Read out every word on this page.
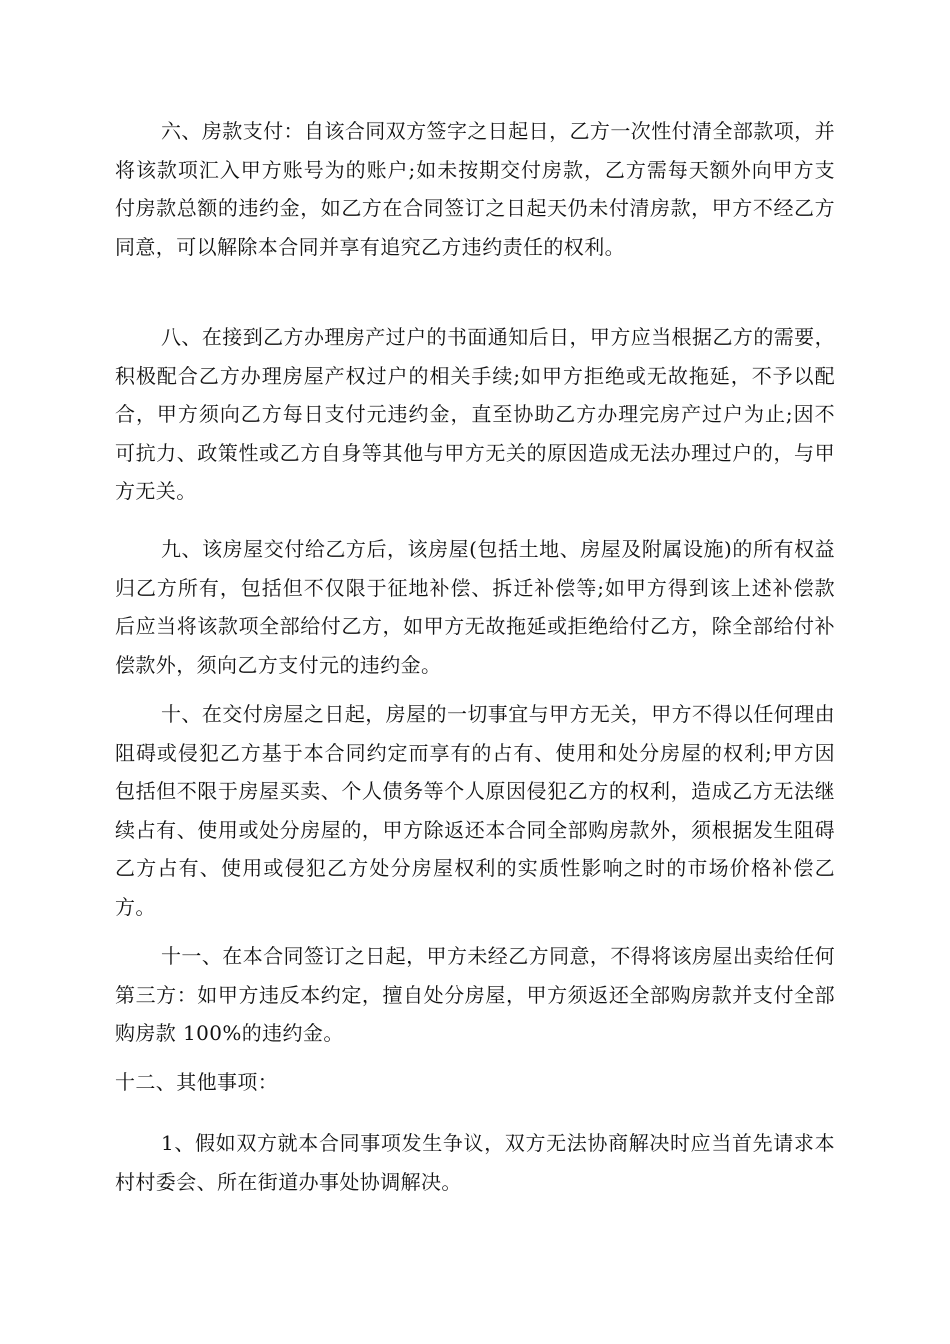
六、房款支付：自该合同双方签字之日起日，乙方一次性付清全部款项，并将该款项汇入甲方账号为的账户;如未按期交付房款，乙方需每天额外向甲方支付房款总额的违约金，如乙方在合同签订之日起天仍未付清房款，甲方不经乙方同意，可以解除本合同并享有追究乙方违约责任的权利。

八、在接到乙方办理房产过户的书面通知后日，甲方应当根据乙方的需要，积极配合乙方办理房屋产权过户的相关手续;如甲方拒绝或无故拖延，不予以配合，甲方须向乙方每日支付元违约金，直至协助乙方办理完房产过户为止;因不可抗力、政策性或乙方自身等其他与甲方无关的原因造成无法办理过户的，与甲方无关。

九、该房屋交付给乙方后，该房屋(包括土地、房屋及附属设施)的所有权益归乙方所有，包括但不仅限于征地补偿、拆迁补偿等;如甲方得到该上述补偿款后应当将该款项全部给付乙方，如甲方无故拖延或拒绝给付乙方，除全部给付补偿款外，须向乙方支付元的违约金。

十、在交付房屋之日起，房屋的一切事宜与甲方无关，甲方不得以任何理由阻碍或侵犯乙方基于本合同约定而享有的占有、使用和处分房屋的权利;甲方因包括但不限于房屋买卖、个人债务等个人原因侵犯乙方的权利，造成乙方无法继续占有、使用或处分房屋的，甲方除返还本合同全部购房款外，须根据发生阻碍乙方占有、使用或侵犯乙方处分房屋权利的实质性影响之时的市场价格补偿乙方。

十一、在本合同签订之日起，甲方未经乙方同意，不得将该房屋出卖给任何第三方：如甲方违反本约定，擅自处分房屋，甲方须返还全部购房款并支付全部购房款 100%的违约金。

十二、其他事项：

1、假如双方就本合同事项发生争议，双方无法协商解决时应当首先请求本村村委会、所在街道办事处协调解决。
